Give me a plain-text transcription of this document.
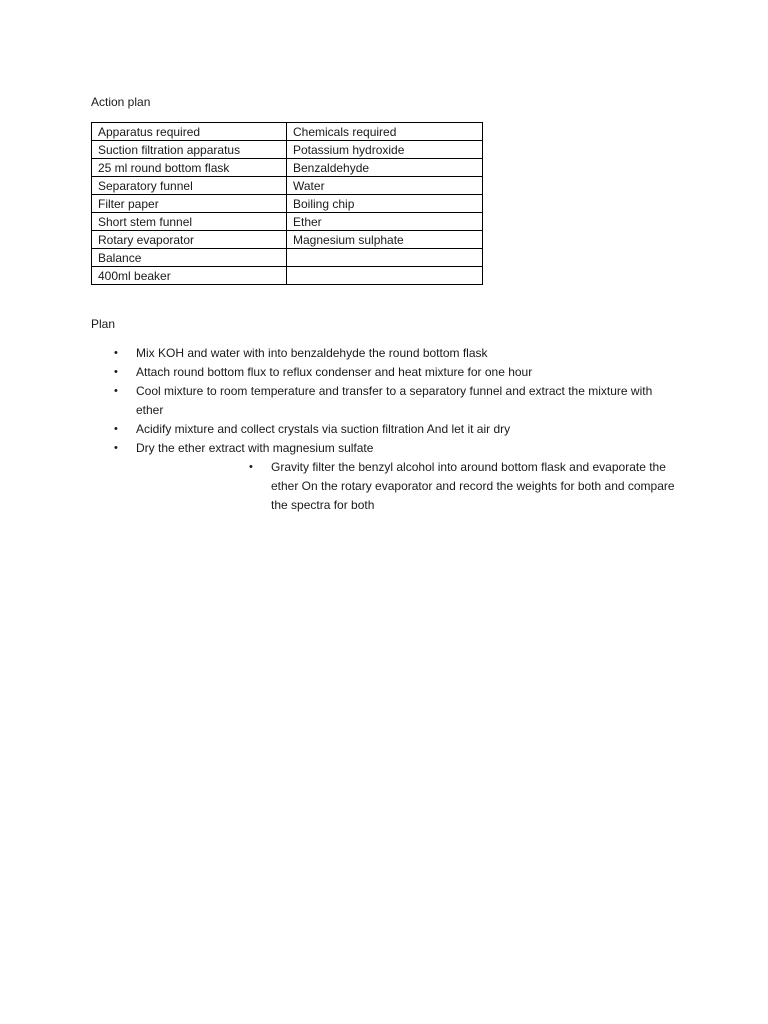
Action plan
Apparatus required	Chemicals required
Suction filtration apparatus	Potassium hydroxide
25 ml round bottom flask	Benzaldehyde
Separatory funnel	Water
Filter paper	Boiling chip
Short stem funnel	Ether
Rotary evaporator	Magnesium sulphate
Balance	
400ml beaker	
Plan
• Mix KOH and water with into benzaldehyde the round bottom flask
• Attach round bottom flux to reflux condenser and heat mixture for one hour
• Cool mixture to room temperature and transfer to a separatory funnel and extract the mixture with ether
• Acidify mixture and collect crystals via suction filtration And let it air dry
• Dry the ether extract with magnesium sulfate
• Gravity filter the benzyl alcohol into around bottom flask and evaporate the ether On the rotary evaporator and record the weights for both and compare the spectra for both
